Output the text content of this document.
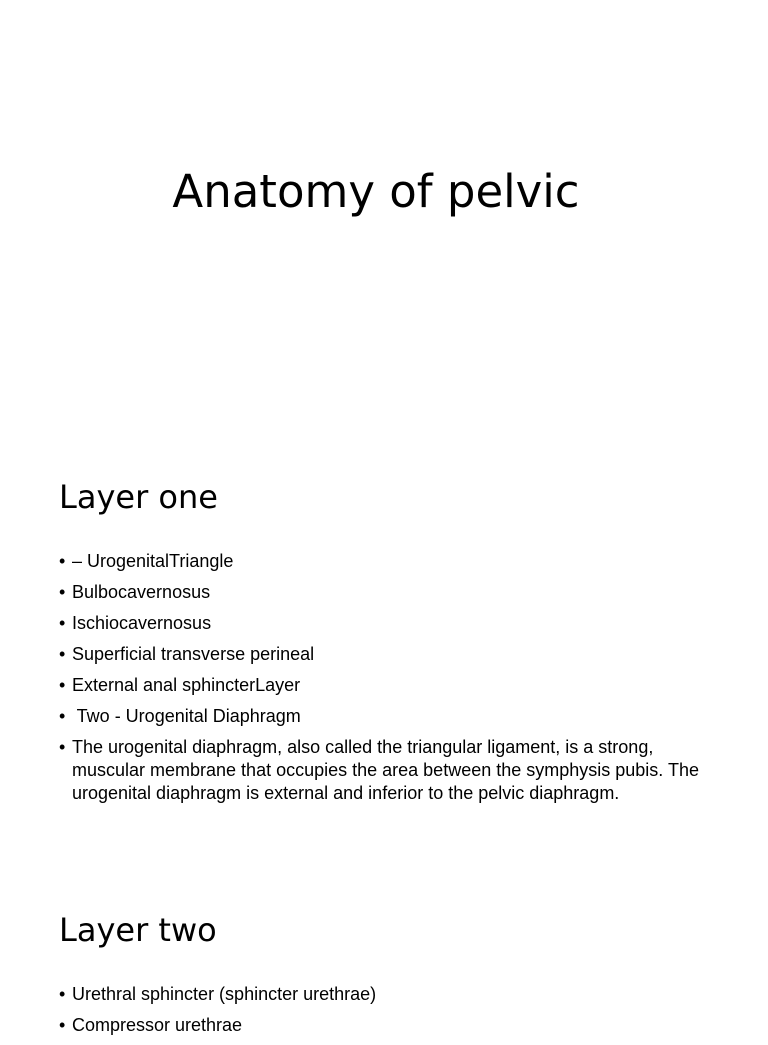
Anatomy of pelvic
Layer one
• – UrogenitalTriangle
• Bulbocavernosus
• Ischiocavernosus
• Superficial transverse perineal
• External anal sphincterLayer
• Two - Urogenital Diaphragm
• The urogenital diaphragm, also called the triangular ligament, is a strong, muscular membrane that occupies the area between the symphysis pubis. The urogenital diaphragm is external and inferior to the pelvic diaphragm.
Layer two
• Urethral sphincter (sphincter urethrae)
• Compressor urethrae
